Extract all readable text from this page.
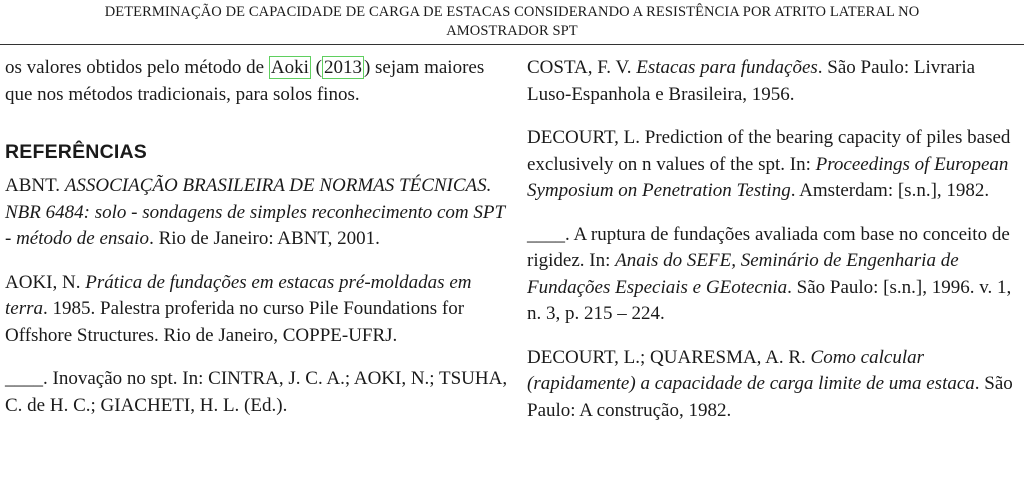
DETERMINAÇÃO DE CAPACIDADE DE CARGA DE ESTACAS CONSIDERANDO A RESISTÊNCIA POR ATRITO LATERAL NO
AMOSTRADOR SPT

os valores obtidos pelo método de Aoki ( 2013 ) sejam maiores que nos métodos tradicionais, para solos finos.

REFERÊNCIAS

ABNT. ASSOCIAÇÃO BRASILEIRA DE NORMAS TÉCNICAS. NBR 6484: solo - sondagens de simples reconhecimento com SPT - método de ensaio. Rio de Janeiro: ABNT, 2001.

AOKI, N. Prática de fundações em estacas pré-moldadas em terra. 1985. Palestra proferida no curso Pile Foundations for Offshore Structures. Rio de Janeiro, COPPE-UFRJ.

____. Inovação no spt. In: CINTRA, J. C. A.; AOKI, N.; TSUHA, C. de H. C.; GIACHETI, H. L. (Ed.).

COSTA, F. V. Estacas para fundações. São Paulo: Livraria Luso-Espanhola e Brasileira, 1956.

DECOURT, L. Prediction of the bearing capacity of piles based exclusively on n values of the spt. In: Proceedings of European Symposium on Penetration Testing. Amsterdam: [s.n.], 1982.

____. A ruptura de fundações avaliada com base no conceito de rigidez. In: Anais do SEFE, Seminário de Engenharia de Fundações Especiais e GEotecnia. São Paulo: [s.n.], 1996. v. 1, n. 3, p. 215 – 224.

DECOURT, L.; QUARESMA, A. R. Como calcular (rapidamente) a capacidade de carga limite de uma estaca. São Paulo: A construção, 1982.
